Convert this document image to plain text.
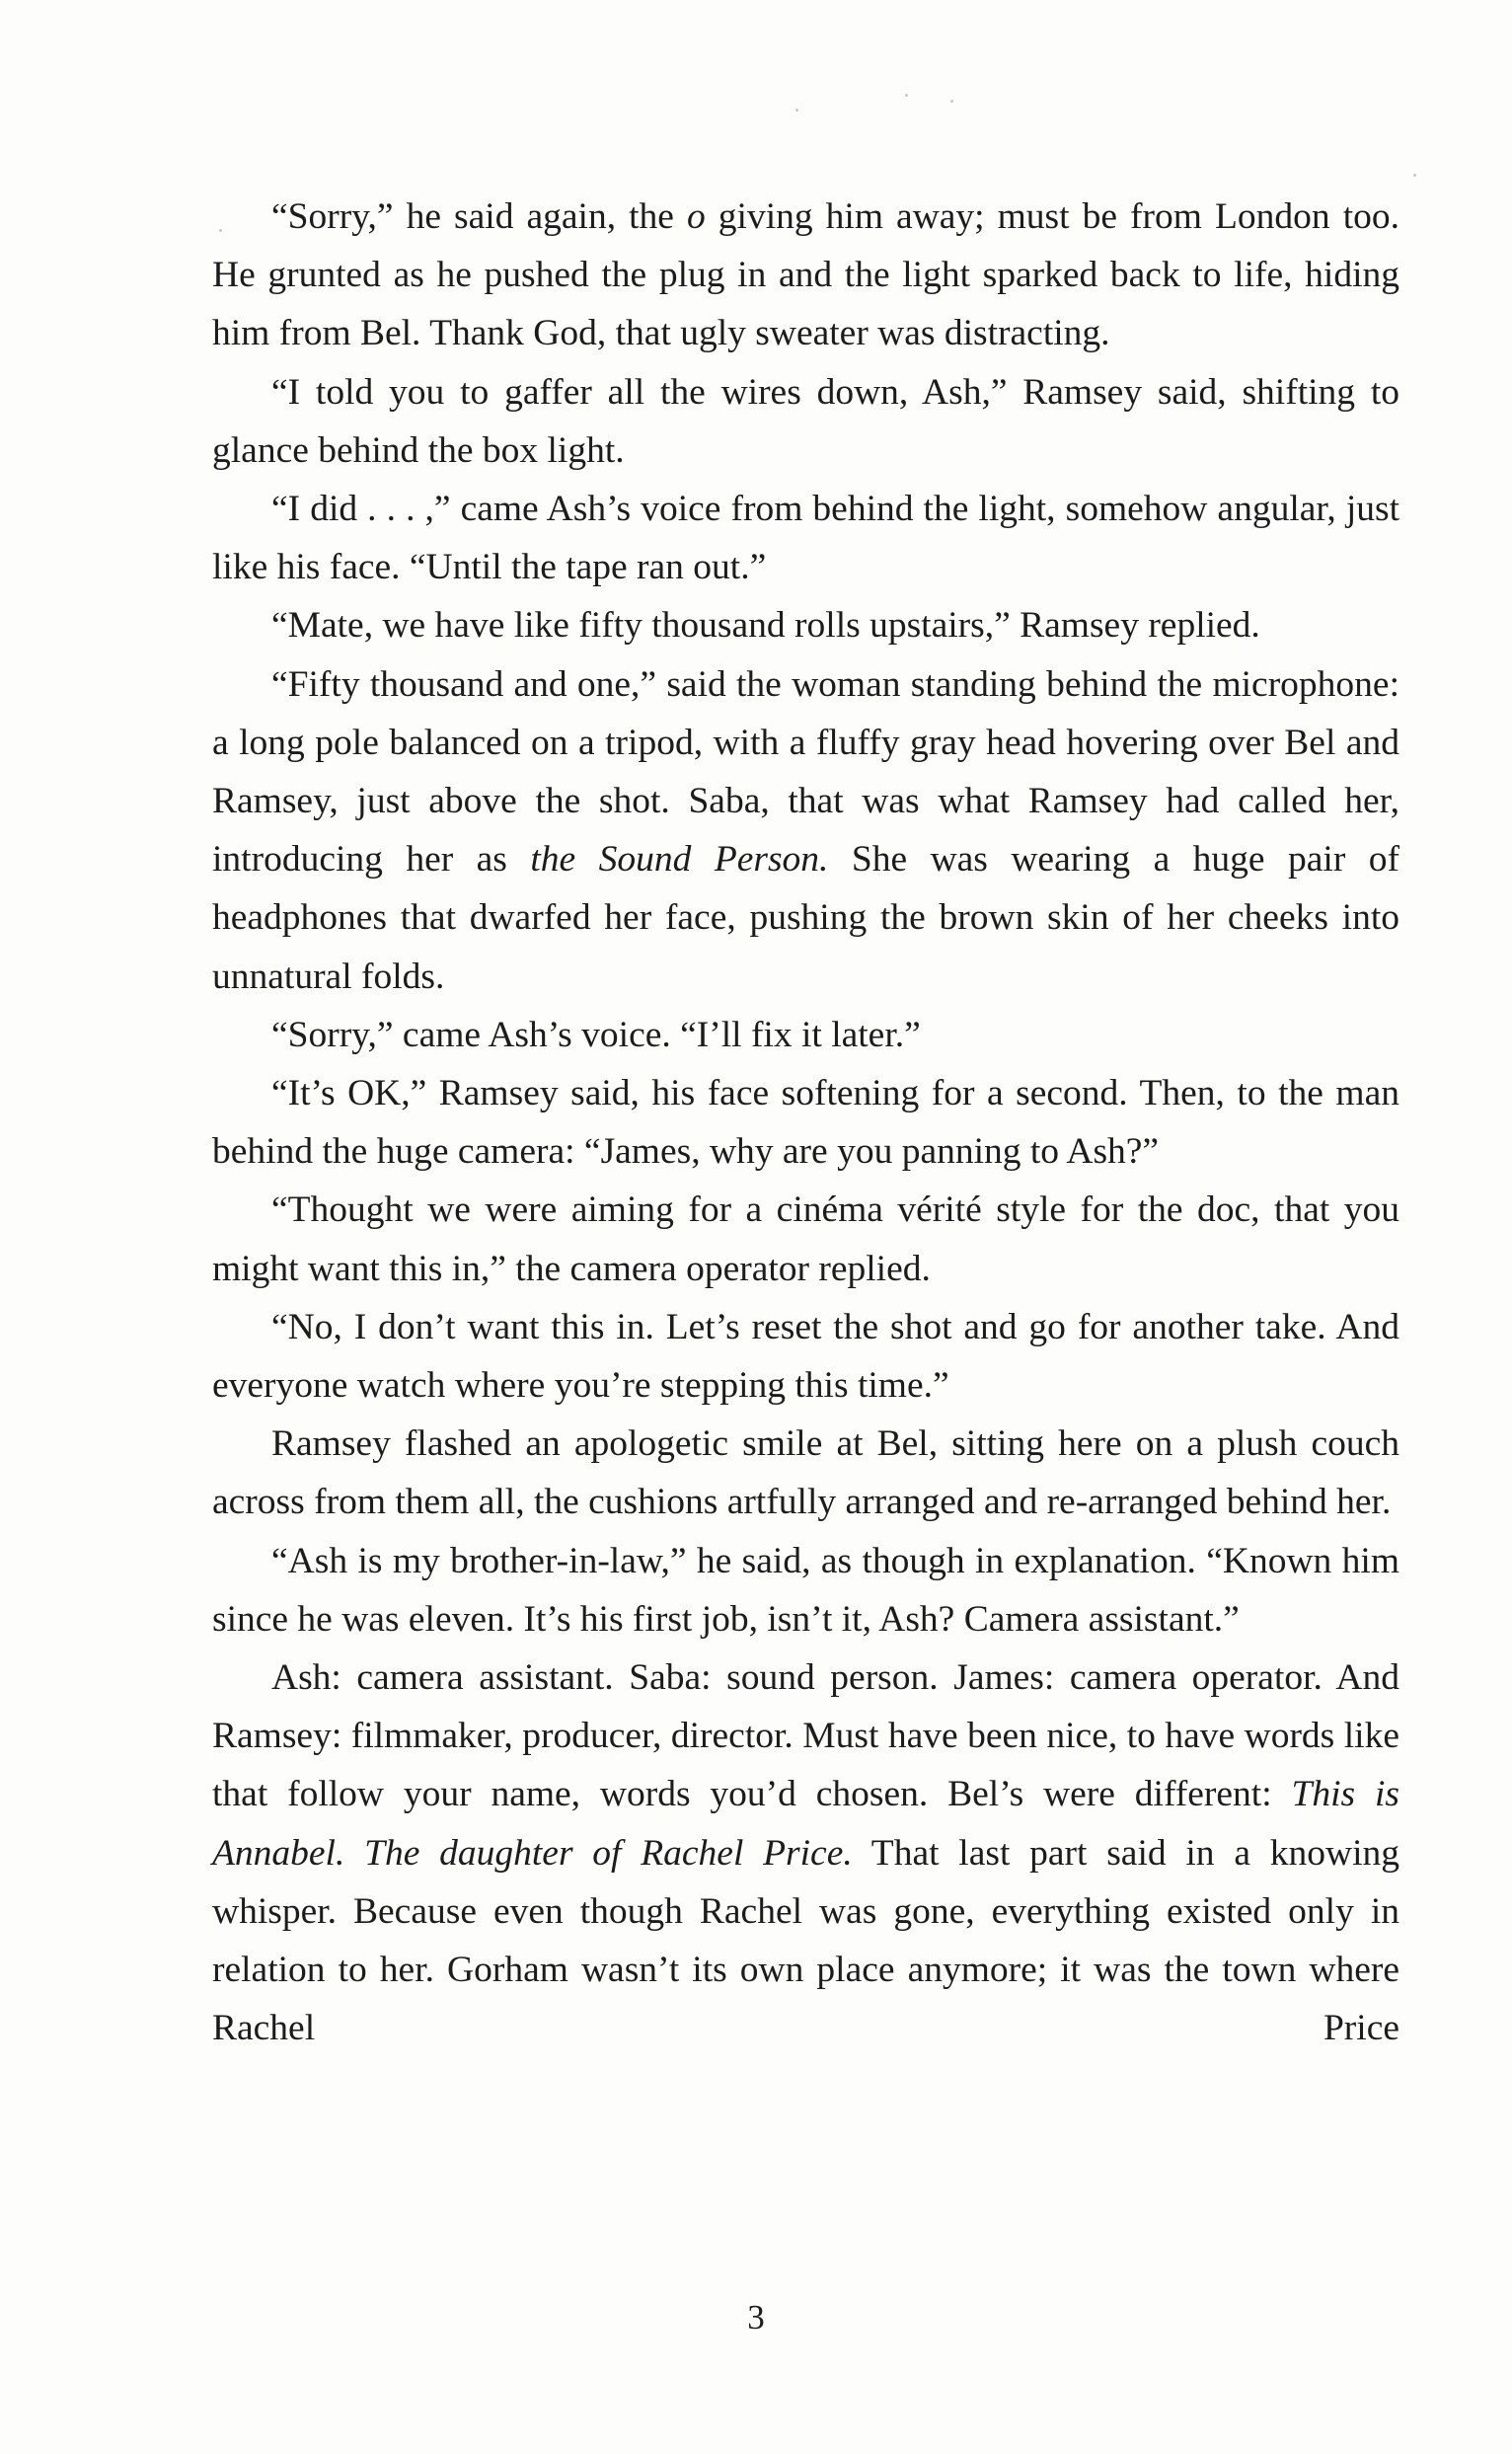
“Sorry,” he said again, the o giving him away; must be from London too. He grunted as he pushed the plug in and the light sparked back to life, hiding him from Bel. Thank God, that ugly sweater was distracting.

“I told you to gaffer all the wires down, Ash,” Ramsey said, shifting to glance behind the box light.

“I did . . . ,” came Ash’s voice from behind the light, somehow angular, just like his face. “Until the tape ran out.”

“Mate, we have like fifty thousand rolls upstairs,” Ramsey replied.

“Fifty thousand and one,” said the woman standing behind the microphone: a long pole balanced on a tripod, with a fluffy gray head hovering over Bel and Ramsey, just above the shot. Saba, that was what Ramsey had called her, introducing her as the Sound Person. She was wearing a huge pair of headphones that dwarfed her face, pushing the brown skin of her cheeks into unnatural folds.

“Sorry,” came Ash’s voice. “I’ll fix it later.”

“It’s OK,” Ramsey said, his face softening for a second. Then, to the man behind the huge camera: “James, why are you panning to Ash?”

“Thought we were aiming for a cinéma vérité style for the doc, that you might want this in,” the camera operator replied.

“No, I don’t want this in. Let’s reset the shot and go for another take. And everyone watch where you’re stepping this time.”

Ramsey flashed an apologetic smile at Bel, sitting here on a plush couch across from them all, the cushions artfully arranged and re-arranged behind her.

“Ash is my brother-in-law,” he said, as though in explanation. “Known him since he was eleven. It’s his first job, isn’t it, Ash? Camera assistant.”

Ash: camera assistant. Saba: sound person. James: camera operator. And Ramsey: filmmaker, producer, director. Must have been nice, to have words like that follow your name, words you’d chosen. Bel’s were different: This is Annabel. The daughter of Rachel Price. That last part said in a knowing whisper. Because even though Rachel was gone, everything existed only in relation to her. Gorham wasn’t its own place anymore; it was the town where Rachel Price

3
